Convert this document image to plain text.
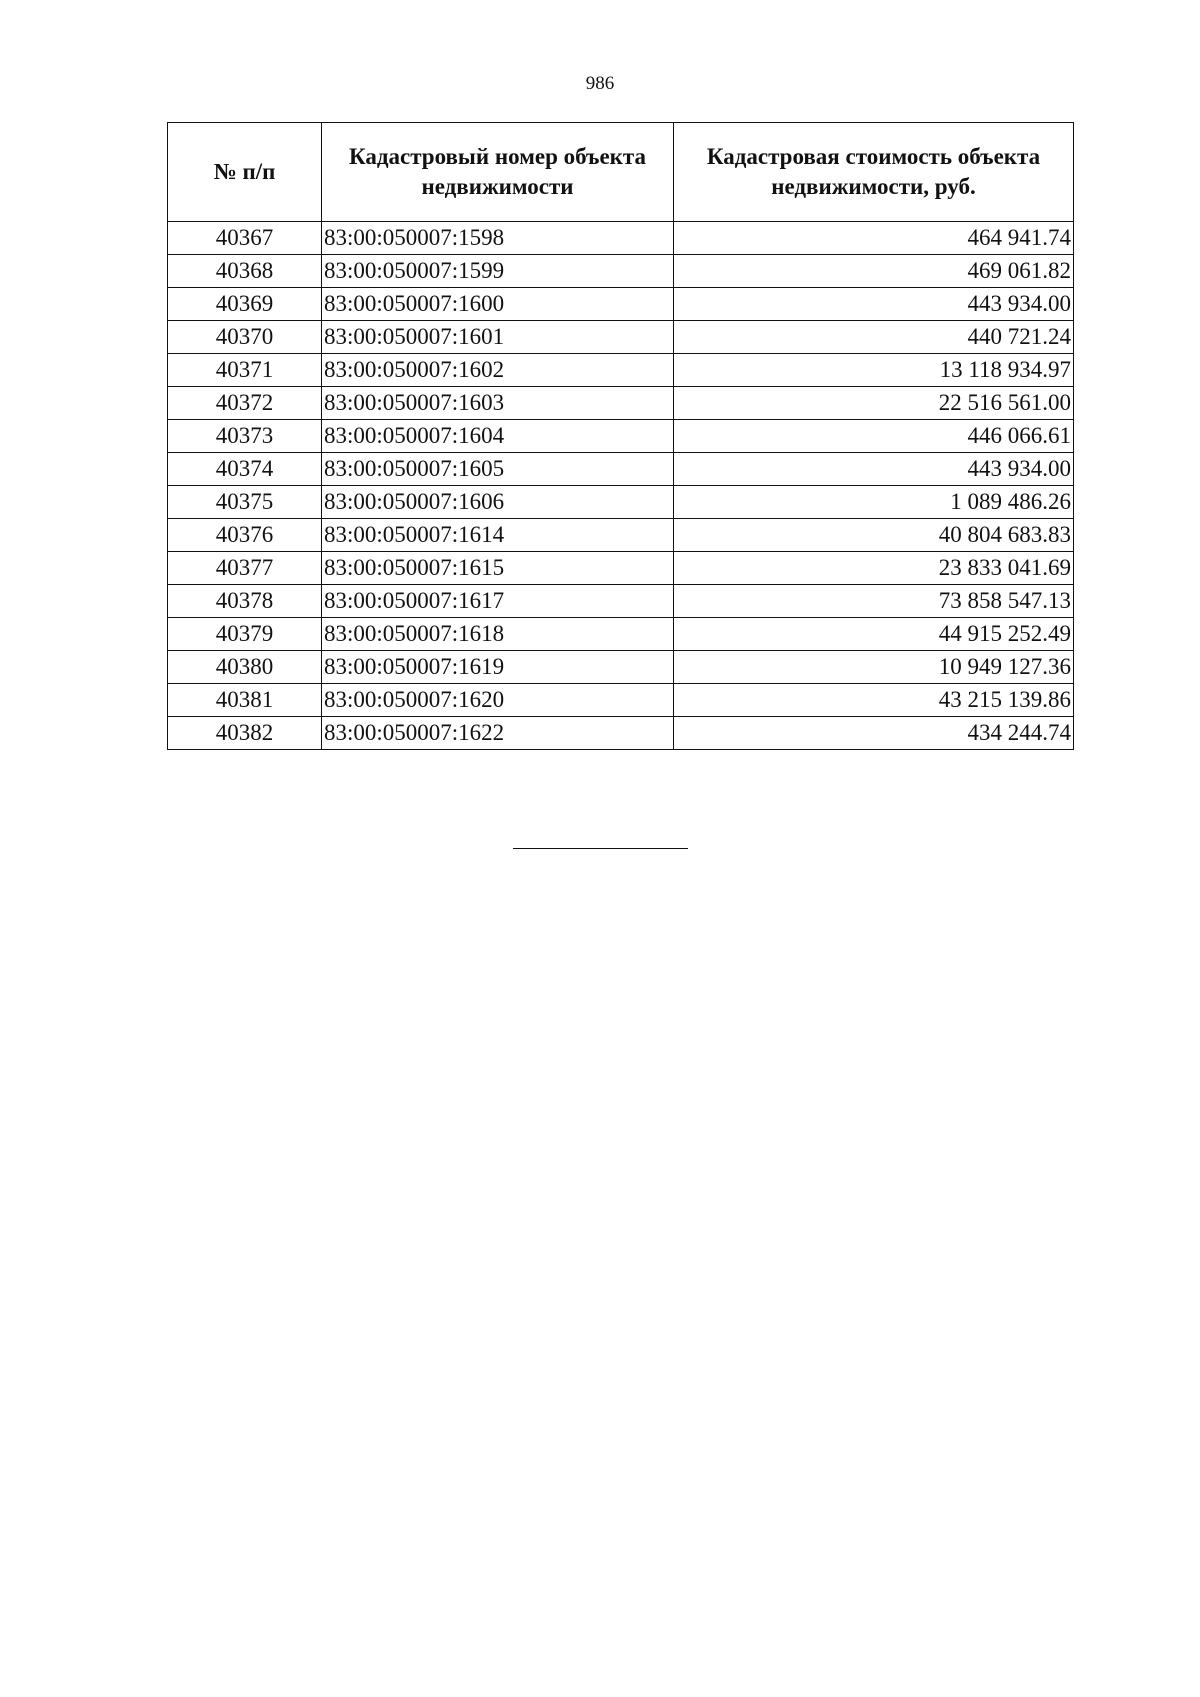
986
№ п/п	Кадастровый номер объекта недвижимости	Кадастровая стоимость объекта недвижимости, руб.
40367	83:00:050007:1598	464 941.74
40368	83:00:050007:1599	469 061.82
40369	83:00:050007:1600	443 934.00
40370	83:00:050007:1601	440 721.24
40371	83:00:050007:1602	13 118 934.97
40372	83:00:050007:1603	22 516 561.00
40373	83:00:050007:1604	446 066.61
40374	83:00:050007:1605	443 934.00
40375	83:00:050007:1606	1 089 486.26
40376	83:00:050007:1614	40 804 683.83
40377	83:00:050007:1615	23 833 041.69
40378	83:00:050007:1617	73 858 547.13
40379	83:00:050007:1618	44 915 252.49
40380	83:00:050007:1619	10 949 127.36
40381	83:00:050007:1620	43 215 139.86
40382	83:00:050007:1622	434 244.74
